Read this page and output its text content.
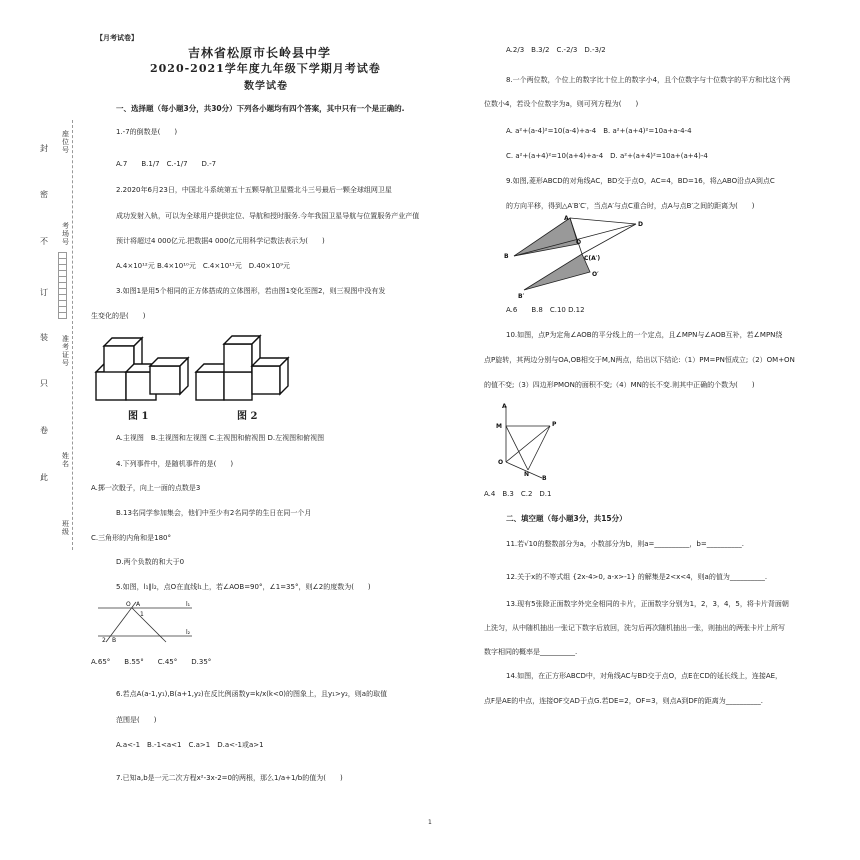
封
密
不
订
装
只
卷
此
座位号
考场号
准考证号
姓名
班级
【月考试卷】
吉林省松原市长岭县中学
2020-2021学年度九年级下学期月考试卷
数学试卷
一、选择题（每小题3分，共30分）下列各小题均有四个答案，其中只有一个是正确的.
1.-7的倒数是(　　)
A.7　　B.1/7　C.-1/7　　D.-7
2.2020年6月23日，中国北斗系统第五十五颗导航卫星暨北斗三号最后一颗全球组网卫星
成功发射入轨，可以为全球用户提供定位、导航和授时服务.今年我国卫星导航与位置服务产业产值
预计将超过4 000亿元.把数据4 000亿元用科学记数法表示为(　　)
A.4×10¹²元 B.4×10¹⁰元　C.4×10¹¹元　D.40×10⁹元
3.如图1是用5个相同的正方体搭成的立体图形，若由图1变化至图2，则三视图中没有发
生变化的是(　　)
图 1	图 2
A.主视图　B.主视图和左视图 C.主视图和俯视图 D.左视图和俯视图
4.下列事件中，是随机事件的是(　　)
A.掷一次骰子，向上一面的点数是3
B.13名同学参加集会，他们中至少有2名同学的生日在同一个月
C.三角形的内角和是180°
D.两个负数的和大于0
5.如图，l₁∥l₂，点O在直线l₁上，若∠AOB=90°，∠1=35°，则∠2的度数为(　　)
O A	l₁
l₂
2 B
1
A.65°　　B.55°　　C.45°　　D.35°
6.若点A(a-1,y₁),B(a+1,y₂)在反比例函数y=k/x(k<0)的图象上，且y₁>y₂，则a的取值
范围是(　　)
A.a<-1　B.-1<a<1　C.a>1　D.a<-1或a>1
7.已知a,b是一元二次方程x²-3x-2=0的两根，那么1/a+1/b的值为(　　)
A.2/3　B.3/2　C.-2/3　D.-3/2
8.一个两位数，个位上的数字比十位上的数字小4，且个位数字与十位数字的平方和比这个两
位数小4，若设个位数字为a，则可列方程为(　　)
A. a²+(a-4)²=10(a-4)+a-4　B. a²+(a+4)²=10a+a-4-4
C. a²+(a+4)²=10(a+4)+a-4　D. a²+(a+4)²=10a+(a+4)-4
9.如图,菱形ABCD的对角线AC，BD交于点O，AC=4，BD=16，将△ABO沿点A到点C
的方向平移，得到△A′B′C′，当点A′与点C重合时，点A与点B′之间的距离为(　　)
A
D
O
B	C(A′)
O′
B′
A.6　　B.8　C.10 D.12
10.如图，点P为定角∠AOB的平分线上的一个定点，且∠MPN与∠AOB互补，若∠MPN绕
点P旋转，其两边分别与OA,OB相交于M,N两点，给出以下结论:（1）PM=PN恒成立;（2）OM+ON
的值不变;（3）四边形PMON的面积不变;（4）MN的长不变.则其中正确的个数为(　　)
A
M	P
O
N
B
A.4　B.3　C.2　D.1
二、填空题（每小题3分，共15分）
11.若√10的整数部分为a，小数部分为b，则a=__________，b=__________.
12.关于x的不等式组 {2x-4>0, a-x>-1} 的解集是2<x<4，则a的值为__________.
13.现有5张除正面数字外完全相同的卡片，正面数字分别为1，2，3，4，5，将卡片背面朝
上洗匀，从中随机抽出一张记下数字后放回，洗匀后再次随机抽出一张，则抽出的两张卡片上所写
数字相同的概率是__________.
14.如图，在正方形ABCD中，对角线AC与BD交于点O，点E在CD的延长线上，连接AE，
点F是AE的中点，连接OF交AD于点G.若DE=2，OF=3，则点A到DF的距离为__________.
1
